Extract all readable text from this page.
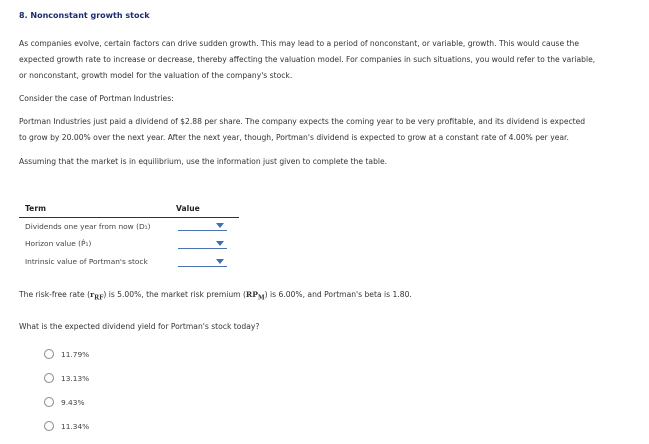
8. Nonconstant growth stock
As companies evolve, certain factors can drive sudden growth. This may lead to a period of nonconstant, or variable, growth. This would cause the
expected growth rate to increase or decrease, thereby affecting the valuation model. For companies in such situations, you would refer to the variable,
or nonconstant, growth model for the valuation of the company's stock.
Consider the case of Portman Industries:
Portman Industries just paid a dividend of $2.88 per share. The company expects the coming year to be very profitable, and its dividend is expected
to grow by 20.00% over the next year. After the next year, though, Portman's dividend is expected to grow at a constant rate of 4.00% per year.
Assuming that the market is in equilibrium, use the information just given to complete the table.
Term	Value
Dividends one year from now (D₁)
Horizon value (P̂₁)
Intrinsic value of Portman's stock
The risk-free rate $(r_{RF})$ is 5.00%, the market risk premium $(RP_M)$ is 6.00%, and Portman's beta is 1.80.
What is the expected dividend yield for Portman's stock today?
11.79%
13.13%
9.43%
11.34%
